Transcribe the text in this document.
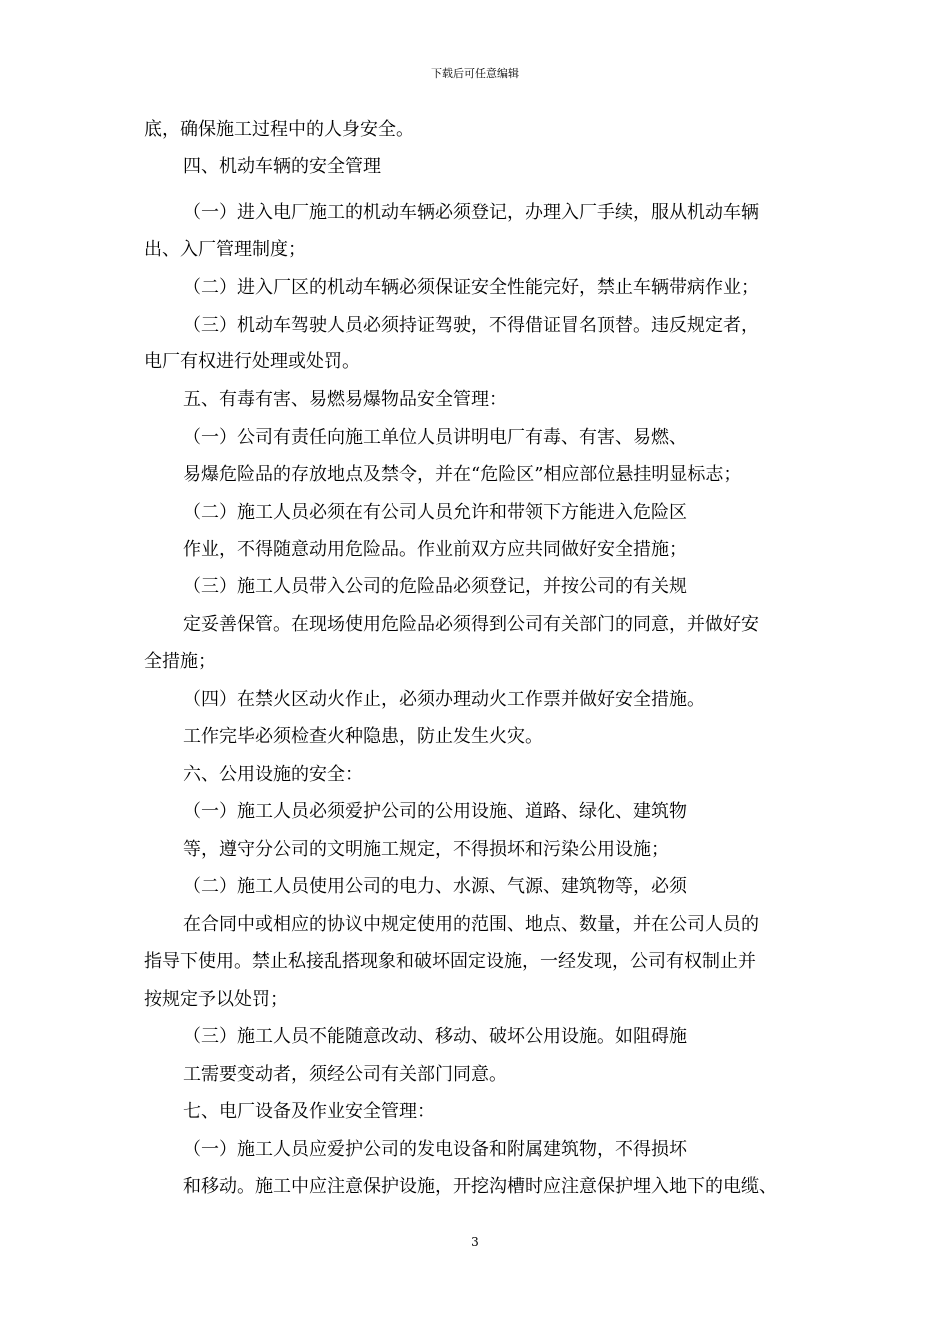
下载后可任意编辑
底，确保施工过程中的人身安全。
四、机动车辆的安全管理
（一）进入电厂施工的机动车辆必须登记，办理入厂手续，服从机动车辆
出、入厂管理制度；
（二）进入厂区的机动车辆必须保证安全性能完好，禁止车辆带病作业；
（三）机动车驾驶人员必须持证驾驶，不得借证冒名顶替。违反规定者，
电厂有权进行处理或处罚。
五、有毒有害、易燃易爆物品安全管理：
（一）公司有责任向施工单位人员讲明电厂有毒、有害、易燃、
易爆危险品的存放地点及禁令，并在“危险区”相应部位悬挂明显标志；
（二）施工人员必须在有公司人员允许和带领下方能进入危险区
作业，不得随意动用危险品。作业前双方应共同做好安全措施；
（三）施工人员带入公司的危险品必须登记，并按公司的有关规
定妥善保管。在现场使用危险品必须得到公司有关部门的同意，并做好安
全措施；
（四）在禁火区动火作止，必须办理动火工作票并做好安全措施。
工作完毕必须检查火种隐患，防止发生火灾。
六、公用设施的安全：
（一）施工人员必须爱护公司的公用设施、道路、绿化、建筑物
等，遵守分公司的文明施工规定，不得损坏和污染公用设施；
（二）施工人员使用公司的电力、水源、气源、建筑物等，必须
在合同中或相应的协议中规定使用的范围、地点、数量，并在公司人员的
指导下使用。禁止私接乱搭现象和破坏固定设施，一经发现，公司有权制止并
按规定予以处罚；
（三）施工人员不能随意改动、移动、破坏公用设施。如阻碍施
工需要变动者，须经公司有关部门同意。
七、电厂设备及作业安全管理：
（一）施工人员应爱护公司的发电设备和附属建筑物，不得损坏
和移动。施工中应注意保护设施，开挖沟槽时应注意保护埋入地下的电缆、
3
